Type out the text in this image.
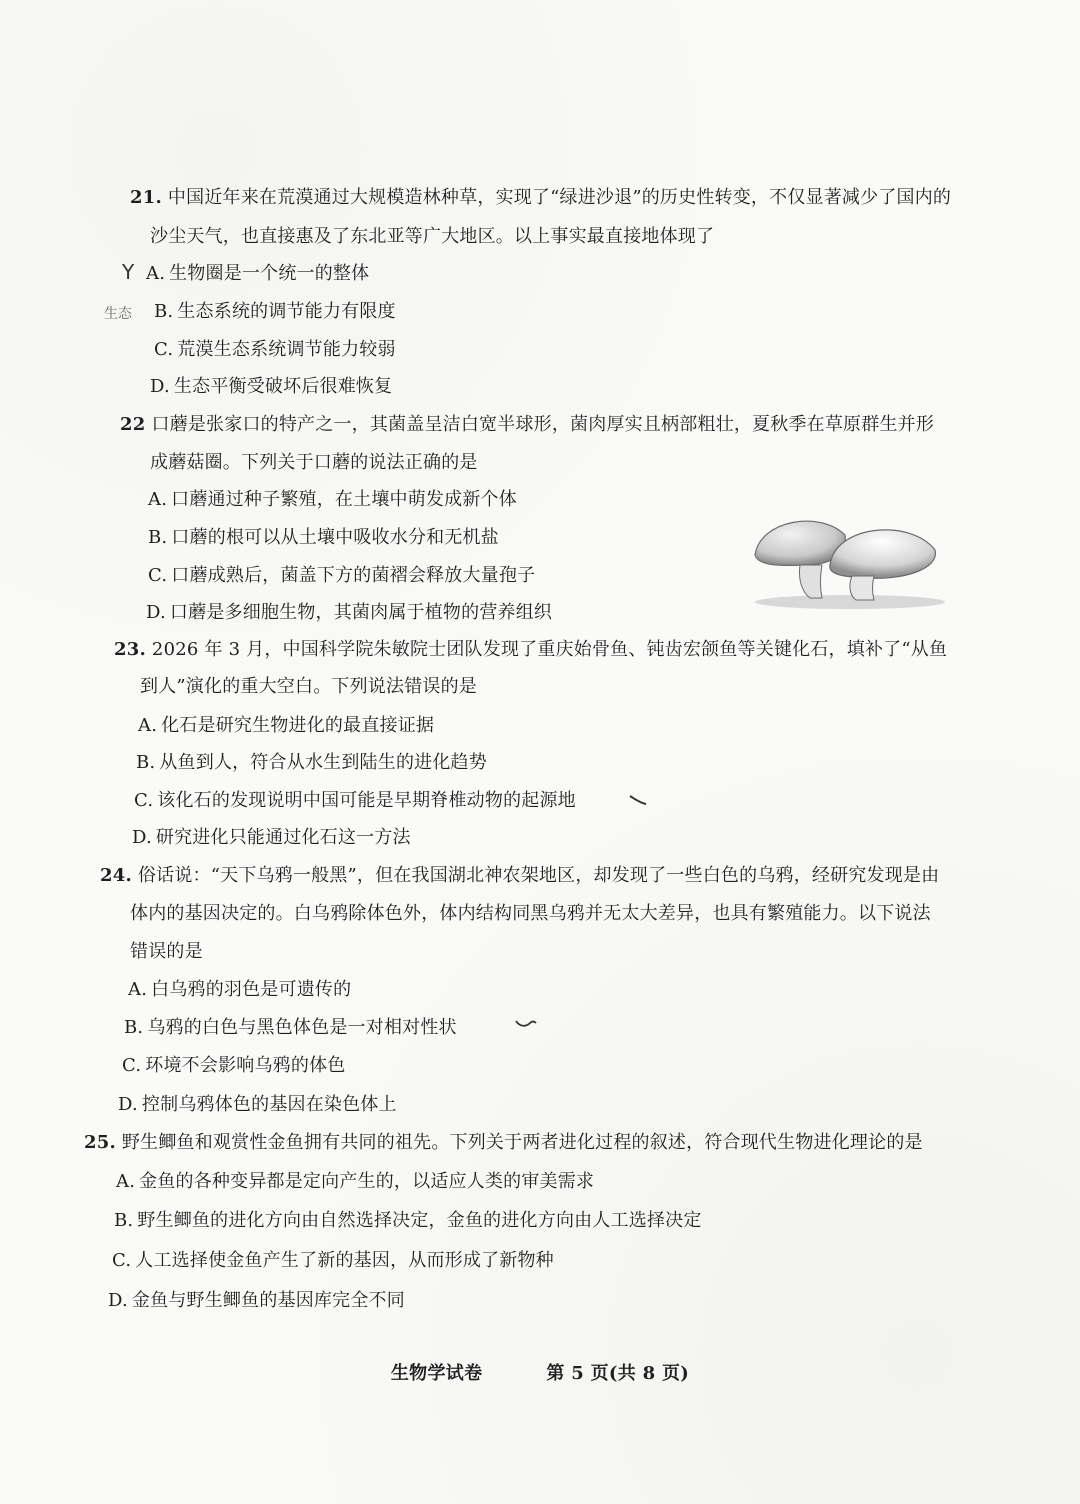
21. 中国近年来在荒漠通过大规模造林种草，实现了“绿进沙退”的历史性转变，不仅显著减少了国内的
沙尘天气，也直接惠及了东北亚等广大地区。以上事实最直接地体现了
Y A. 生物圈是一个统一的整体
生态 B. 生态系统的调节能力有限度
C. 荒漠生态系统调节能力较弱
D. 生态平衡受破坏后很难恢复
22 口蘑是张家口的特产之一，其菌盖呈洁白宽半球形，菌肉厚实且柄部粗壮，夏秋季在草原群生并形
成蘑菇圈。下列关于口蘑的说法正确的是
A. 口蘑通过种子繁殖，在土壤中萌发成新个体
B. 口蘑的根可以从土壤中吸收水分和无机盐
C. 口蘑成熟后，菌盖下方的菌褶会释放大量孢子
D. 口蘑是多细胞生物，其菌肉属于植物的营养组织
23. 2026 年 3 月，中国科学院朱敏院士团队发现了重庆始骨鱼、钝齿宏颌鱼等关键化石，填补了“从鱼
到人”演化的重大空白。下列说法错误的是
A. 化石是研究生物进化的最直接证据
B. 从鱼到人，符合从水生到陆生的进化趋势
C. 该化石的发现说明中国可能是早期脊椎动物的起源地
D. 研究进化只能通过化石这一方法
24. 俗话说：“天下乌鸦一般黑”，但在我国湖北神农架地区，却发现了一些白色的乌鸦，经研究发现是由
体内的基因决定的。白乌鸦除体色外，体内结构同黑乌鸦并无太大差异，也具有繁殖能力。以下说法
错误的是
A. 白乌鸦的羽色是可遗传的
B. 乌鸦的白色与黑色体色是一对相对性状
C. 环境不会影响乌鸦的体色
D. 控制乌鸦体色的基因在染色体上
25. 野生鲫鱼和观赏性金鱼拥有共同的祖先。下列关于两者进化过程的叙述，符合现代生物进化理论的是
A. 金鱼的各种变异都是定向产生的，以适应人类的审美需求
B. 野生鲫鱼的进化方向由自然选择决定，金鱼的进化方向由人工选择决定
C. 人工选择使金鱼产生了新的基因，从而形成了新物种
D. 金鱼与野生鲫鱼的基因库完全不同
生物学试卷	第 5 页(共 8 页)
